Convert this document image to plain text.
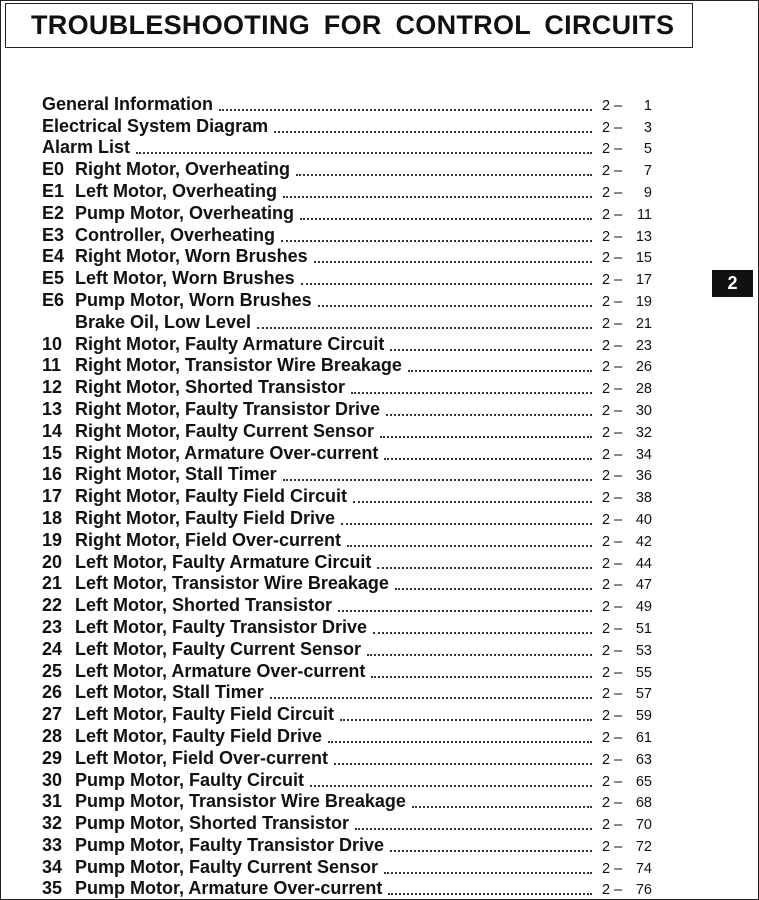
TROUBLESHOOTING FOR CONTROL CIRCUITS
2
General Information	2 –	1
Electrical System Diagram	2 –	3
Alarm List	2 –	5
E0 Right Motor, Overheating	2 –	7
E1 Left Motor, Overheating	2 –	9
E2 Pump Motor, Overheating	2 –	11
E3 Controller, Overheating	2 – 13
E4 Right Motor, Worn Brushes	2 – 15
E5 Left Motor, Worn Brushes	2 – 17
E6 Pump Motor, Worn Brushes	2 – 19
Brake Oil, Low Level	2 – 21
10 Right Motor, Faulty Armature Circuit	2 – 23
11 Right Motor, Transistor Wire Breakage	2 – 26
12 Right Motor, Shorted Transistor	2 – 28
13 Right Motor, Faulty Transistor Drive	2 – 30
14 Right Motor, Faulty Current Sensor	2 – 32
15 Right Motor, Armature Over-current	2 – 34
16 Right Motor, Stall Timer	2 – 36
17 Right Motor, Faulty Field Circuit	2 – 38
18 Right Motor, Faulty Field Drive	2 – 40
19 Right Motor, Field Over-current	2 – 42
20 Left Motor, Faulty Armature Circuit	2 – 44
21 Left Motor, Transistor Wire Breakage	2 – 47
22 Left Motor, Shorted Transistor	2 – 49
23 Left Motor, Faulty Transistor Drive	2 – 51
24 Left Motor, Faulty Current Sensor	2 – 53
25 Left Motor, Armature Over-current	2 – 55
26 Left Motor, Stall Timer	2 – 57
27 Left Motor, Faulty Field Circuit	2 – 59
28 Left Motor, Faulty Field Drive	2 – 61
29 Left Motor, Field Over-current	2 – 63
30 Pump Motor, Faulty Circuit	2 – 65
31 Pump Motor, Transistor Wire Breakage	2 – 68
32 Pump Motor, Shorted Transistor	2 – 70
33 Pump Motor, Faulty Transistor Drive	2 – 72
34 Pump Motor, Faulty Current Sensor	2 – 74
35 Pump Motor, Armature Over-current	2 – 76
